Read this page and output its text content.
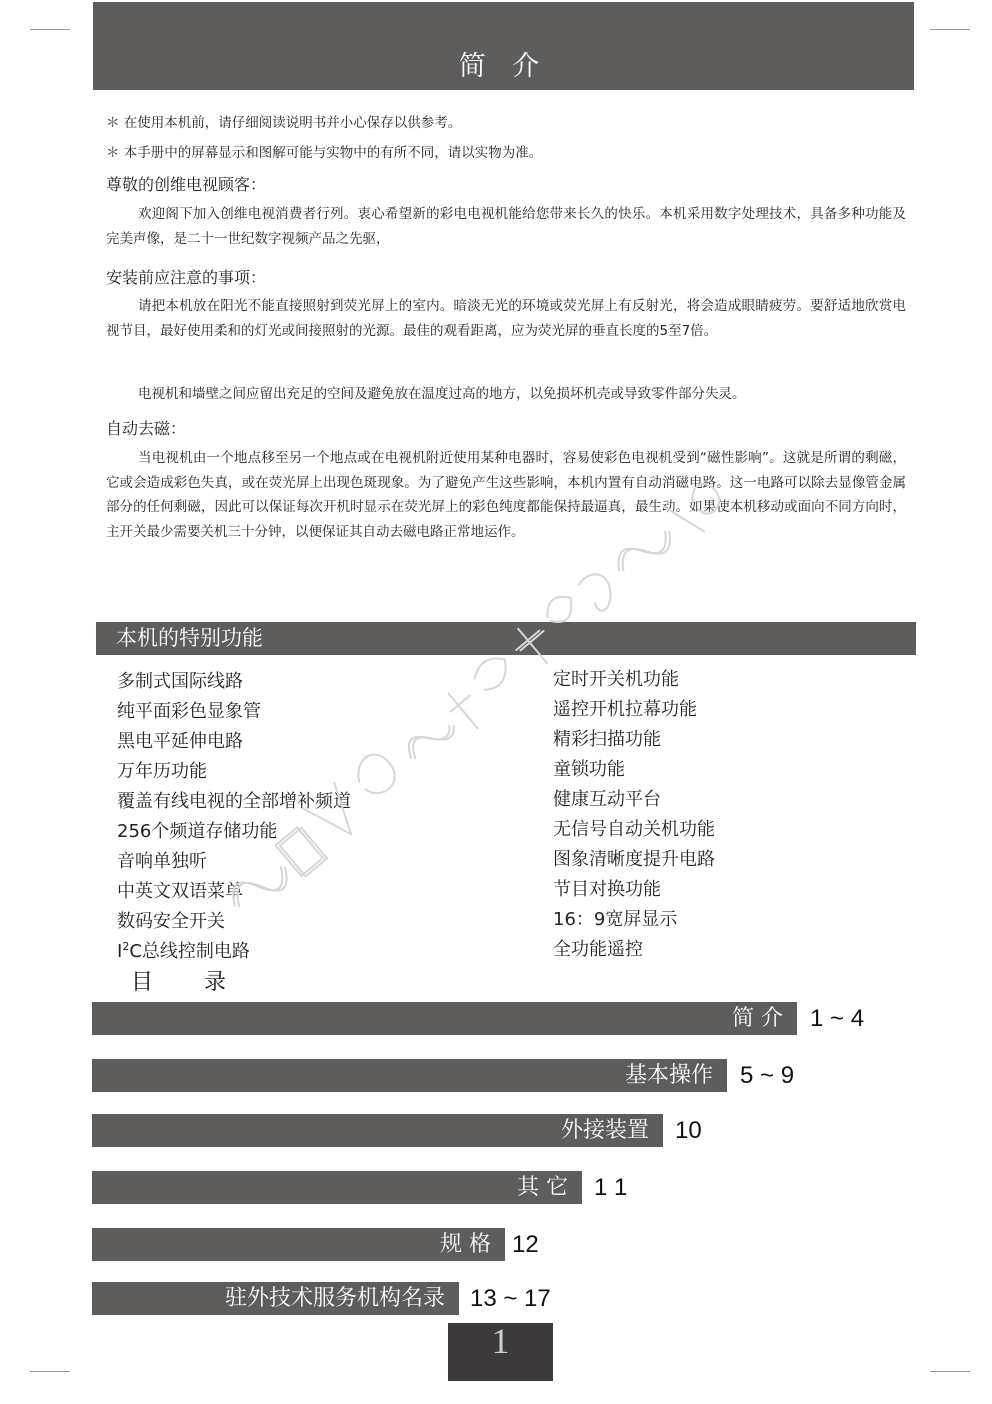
简 介
＊ 在使用本机前，请仔细阅读说明书并小心保存以供参考。
＊ 本手册中的屏幕显示和图解可能与实物中的有所不同，请以实物为准。
尊敬的创维电视顾客：
欢迎阁下加入创维电视消费者行列。衷心希望新的彩电电视机能给您带来长久的快乐。本机采用数字处理技术，具备多种功能及完美声像，是二十一世纪数字视频产品之先驱，
安装前应注意的事项：
请把本机放在阳光不能直接照射到荧光屏上的室内。暗淡无光的环境或荧光屏上有反射光，将会造成眼睛疲劳。要舒适地欣赏电视节目，最好使用柔和的灯光或间接照射的光源。最佳的观看距离，应为荧光屏的垂直长度的5至7倍。
电视机和墙壁之间应留出充足的空间及避免放在温度过高的地方，以免损坏机壳或导致零件部分失灵。
自动去磁：
当电视机由一个地点移至另一个地点或在电视机附近使用某种电器时，容易使彩色电视机受到“磁性影响”。这就是所谓的剩磁，它或会造成彩色失真，或在荧光屏上出现色斑现象。为了避免产生这些影响，本机内置有自动消磁电路。这一电路可以除去显像管金属部分的任何剩磁，因此可以保证每次开机时显示在荧光屏上的彩色纯度都能保持最逼真，最生动。如果使本机移动或面向不同方向时，主开关最少需要关机三十分钟，以便保证其自动去磁电路正常地运作。
本机的特别功能
多制式国际线路
纯平面彩色显象管
黑电平延伸电路
万年历功能
覆盖有线电视的全部增补频道
256个频道存储功能
音响单独听
中英文双语菜单
数码安全开关
$I^2C$总线控制电路
定时开关机功能
遥控开机拉幕功能
精彩扫描功能
童锁功能
健康互动平台
无信号自动关机功能
图象清晰度提升电路
节目对换功能
16：9宽屏显示
全功能遥控
目 录
简 介	1 ~ 4
基本操作	5 ~ 9
外接装置	10
其 它	1 1
规 格 12
驻外技术服务机构名录	13 ~ 17
1
